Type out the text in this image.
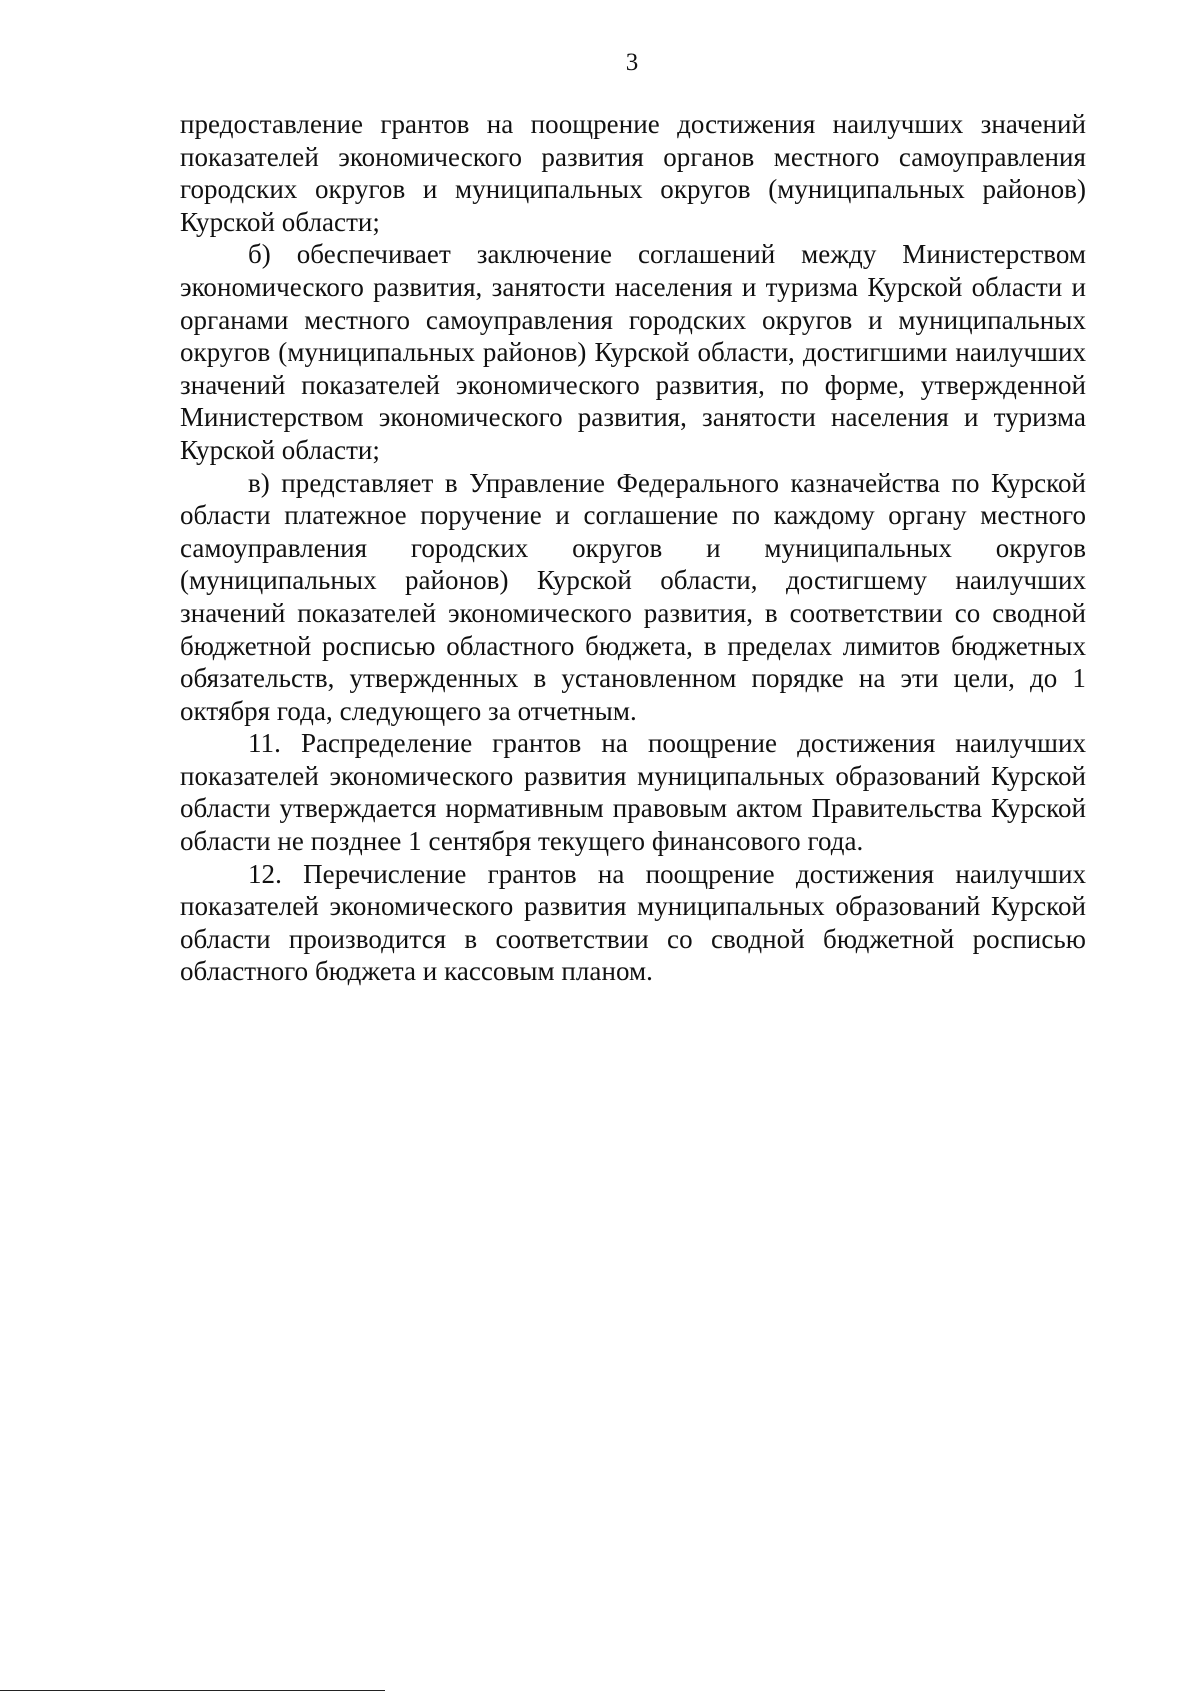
3

предоставление грантов на поощрение достижения наилучших значений показателей экономического развития органов местного самоуправления городских округов и муниципальных округов (муниципальных районов) Курской области;

б) обеспечивает заключение соглашений между Министерством экономического развития, занятости населения и туризма Курской области и органами местного самоуправления городских округов и муниципальных округов (муниципальных районов) Курской области, достигшими наилучших значений показателей экономического развития, по форме, утвержденной Министерством экономического развития, занятости населения и туризма Курской области;

в) представляет в Управление Федерального казначейства по Курской области платежное поручение и соглашение по каждому органу местного самоуправления городских округов и муниципальных округов (муниципальных районов) Курской области, достигшему наилучших значений показателей экономического развития, в соответствии со сводной бюджетной росписью областного бюджета, в пределах лимитов бюджетных обязательств, утвержденных в установленном порядке на эти цели, до 1 октября года, следующего за отчетным.

11. Распределение грантов на поощрение достижения наилучших показателей экономического развития муниципальных образований Курской области утверждается нормативным правовым актом Правительства Курской области не позднее 1 сентября текущего финансового года.

12. Перечисление грантов на поощрение достижения наилучших показателей экономического развития муниципальных образований Курской области производится в соответствии со сводной бюджетной росписью областного бюджета и кассовым планом.
